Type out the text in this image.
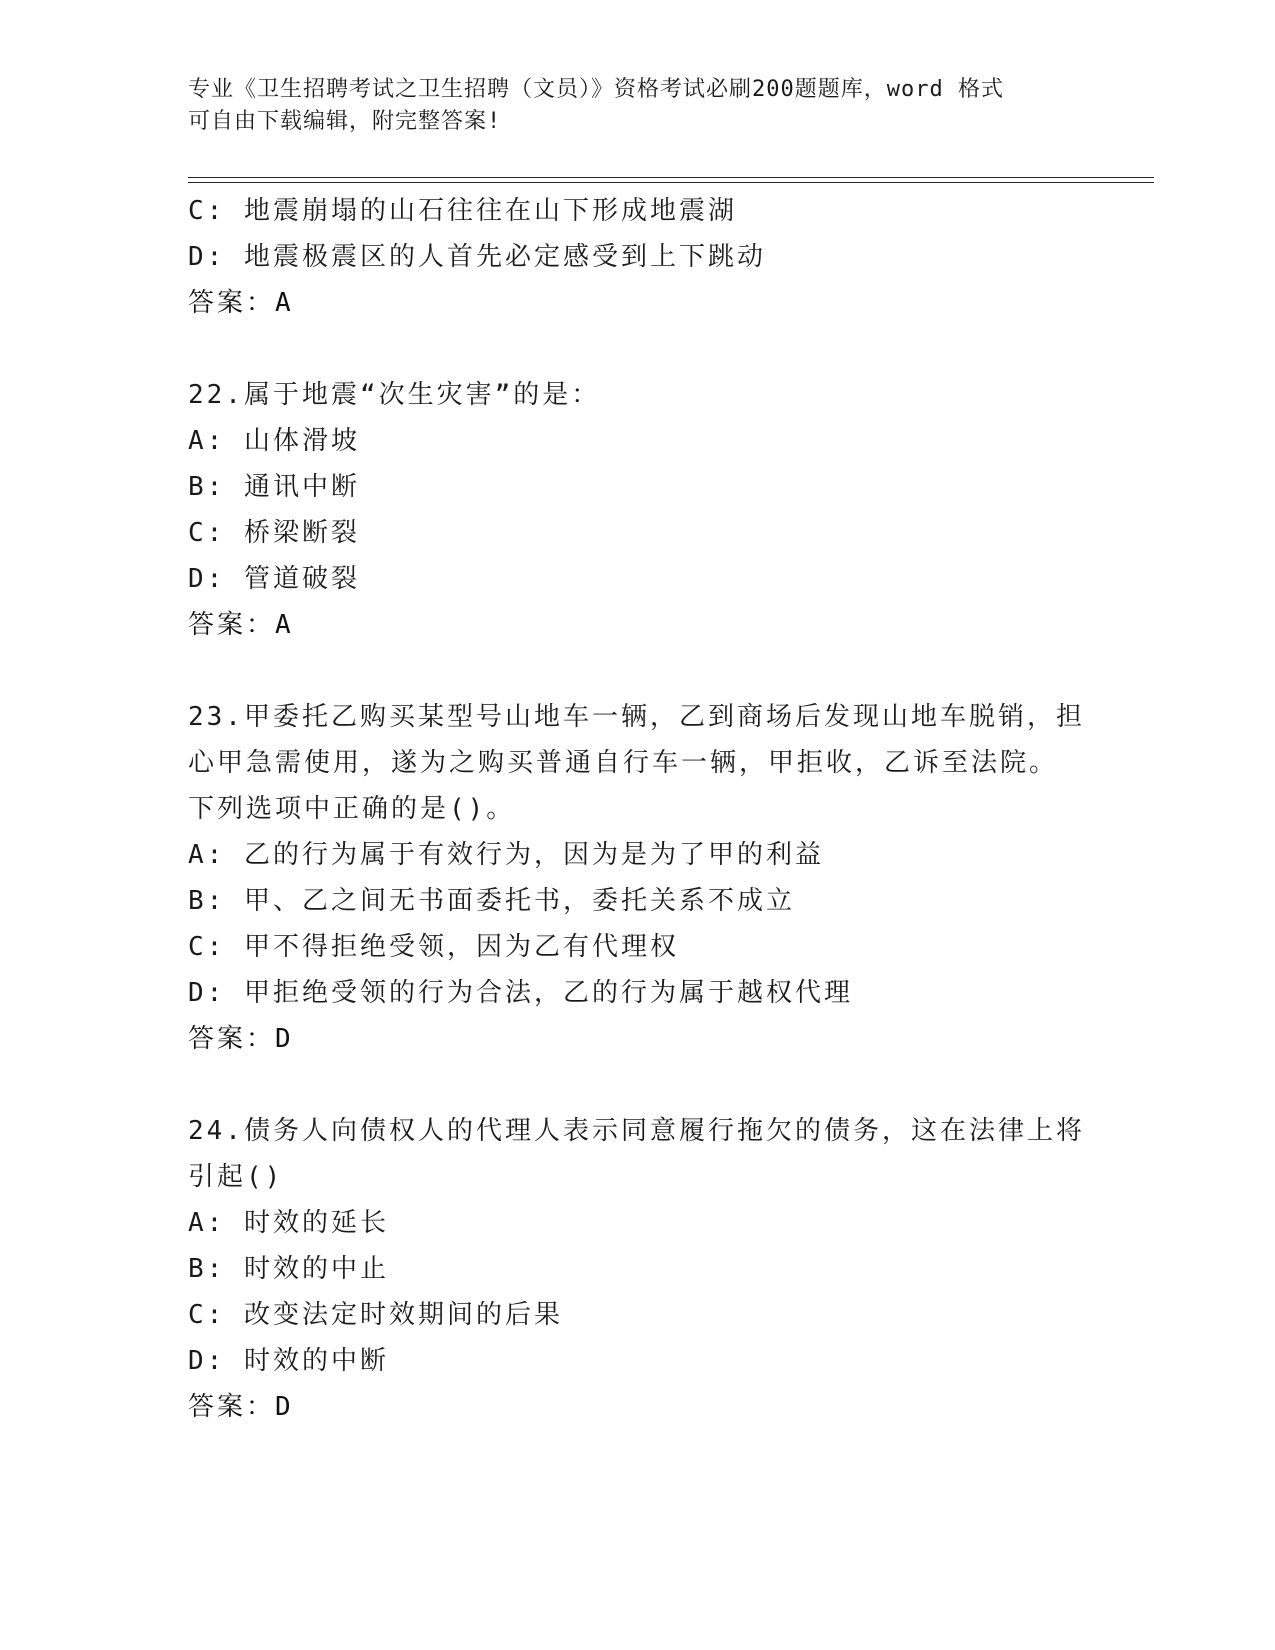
专业《卫生招聘考试之卫生招聘（文员）》资格考试必刷200题题库，word 格式
可自由下载编辑，附完整答案!
C: 地震崩塌的山石往往在山下形成地震湖
D: 地震极震区的人首先必定感受到上下跳动
答案：A
22.属于地震“次生灾害”的是：
A: 山体滑坡
B: 通讯中断
C: 桥梁断裂
D: 管道破裂
答案：A
23.甲委托乙购买某型号山地车一辆，乙到商场后发现山地车脱销，担
心甲急需使用，遂为之购买普通自行车一辆，甲拒收，乙诉至法院。
下列选项中正确的是()。
A: 乙的行为属于有效行为，因为是为了甲的利益
B: 甲、乙之间无书面委托书，委托关系不成立
C: 甲不得拒绝受领，因为乙有代理权
D: 甲拒绝受领的行为合法，乙的行为属于越权代理
答案：D
24.债务人向债权人的代理人表示同意履行拖欠的债务，这在法律上将
引起()
A: 时效的延长
B: 时效的中止
C: 改变法定时效期间的后果
D: 时效的中断
答案：D
